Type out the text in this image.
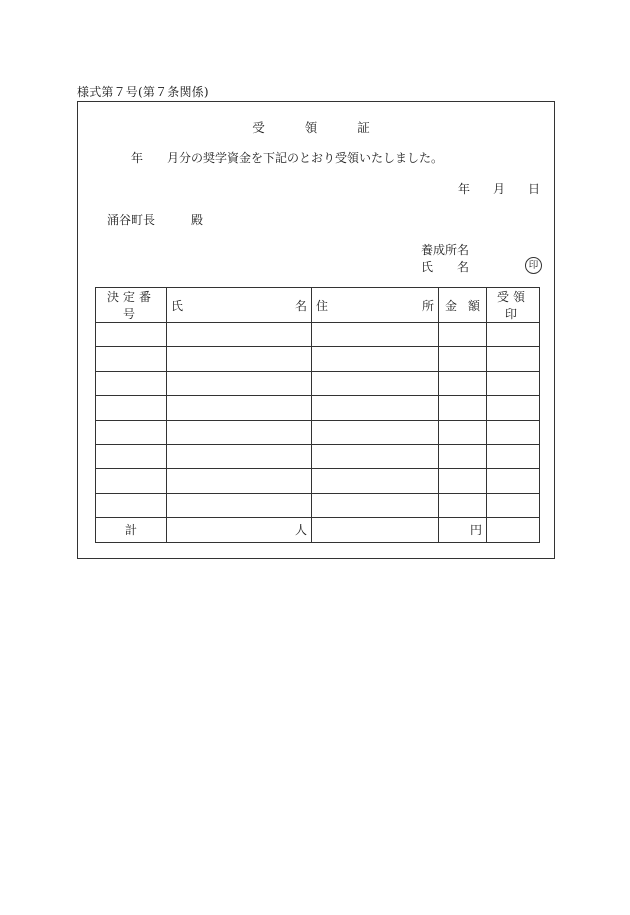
様式第７号(第７条関係)
受領証
年 月分の奨学資金を下記のとおり受領いたしました。
年 月 日
涌谷町長	殿
養成所名
氏名	印
決定番号	氏 名	住 所	金 額	受領印

計	人		円	
